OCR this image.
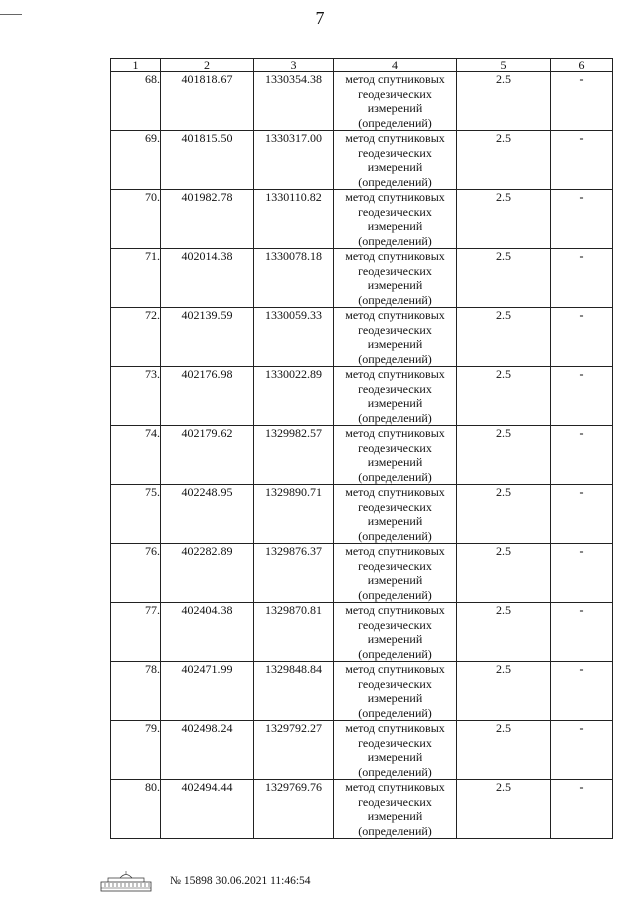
7
1	2	3	4	5	6
68.	401818.67	1330354.38	метод спутниковых
геодезических
измерений
(определений)	2.5	-
69.	401815.50	1330317.00	метод спутниковых
геодезических
измерений
(определений)	2.5	-
70.	401982.78	1330110.82	метод спутниковых
геодезических
измерений
(определений)	2.5	-
71.	402014.38	1330078.18	метод спутниковых
геодезических
измерений
(определений)	2.5	-
72.	402139.59	1330059.33	метод спутниковых
геодезических
измерений
(определений)	2.5	-
73.	402176.98	1330022.89	метод спутниковых
геодезических
измерений
(определений)	2.5	-
74.	402179.62	1329982.57	метод спутниковых
геодезических
измерений
(определений)	2.5	-
75.	402248.95	1329890.71	метод спутниковых
геодезических
измерений
(определений)	2.5	-
76.	402282.89	1329876.37	метод спутниковых
геодезических
измерений
(определений)	2.5	-
77.	402404.38	1329870.81	метод спутниковых
геодезических
измерений
(определений)	2.5	-
78.	402471.99	1329848.84	метод спутниковых
геодезических
измерений
(определений)	2.5	-
79.	402498.24	1329792.27	метод спутниковых
геодезических
измерений
(определений)	2.5	-
80.	402494.44	1329769.76	метод спутниковых
геодезических
измерений
(определений)	2.5	-
№ 15898 30.06.2021 11:46:54
